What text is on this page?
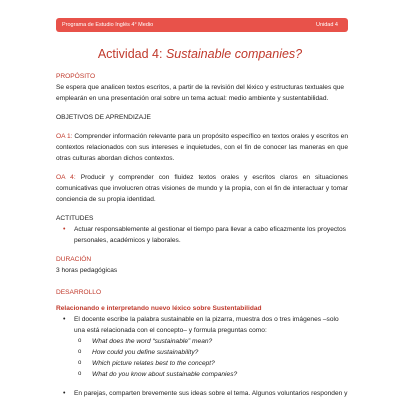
Programa de Estudio Inglés 4° Medio	Unidad 4
Actividad 4: Sustainable companies?
PROPÓSITO
Se espera que analicen textos escritos, a partir de la revisión del léxico y estructuras textuales que emplearán en una presentación oral sobre un tema actual: medio ambiente y sustentabilidad.
OBJETIVOS DE APRENDIZAJE
OA 1: Comprender información relevante para un propósito específico en textos orales y escritos en contextos relacionados con sus intereses e inquietudes, con el fin de conocer las maneras en que otras culturas abordan dichos contextos.
OA 4: Producir y comprender con fluidez textos orales y escritos claros en situaciones comunicativas que involucren otras visiones de mundo y la propia, con el fin de interactuar y tomar conciencia de su propia identidad.
ACTITUDES
• Actuar responsablemente al gestionar el tiempo para llevar a cabo eficazmente los proyectos personales, académicos y laborales.
DURACIÓN
3 horas pedagógicas
DESARROLLO
Relacionando e interpretando nuevo léxico sobre Sustentabilidad
• El docente escribe la palabra sustainable en la pizarra, muestra dos o tres imágenes –solo una está relacionada con el concepto– y formula preguntas como:
o What does the word “sustainable” mean?
o How could you define sustainability?
o Which picture relates best to the concept?
o What do you know about sustainable companies?
• En parejas, comparten brevemente sus ideas sobre el tema. Algunos voluntarios responden y
